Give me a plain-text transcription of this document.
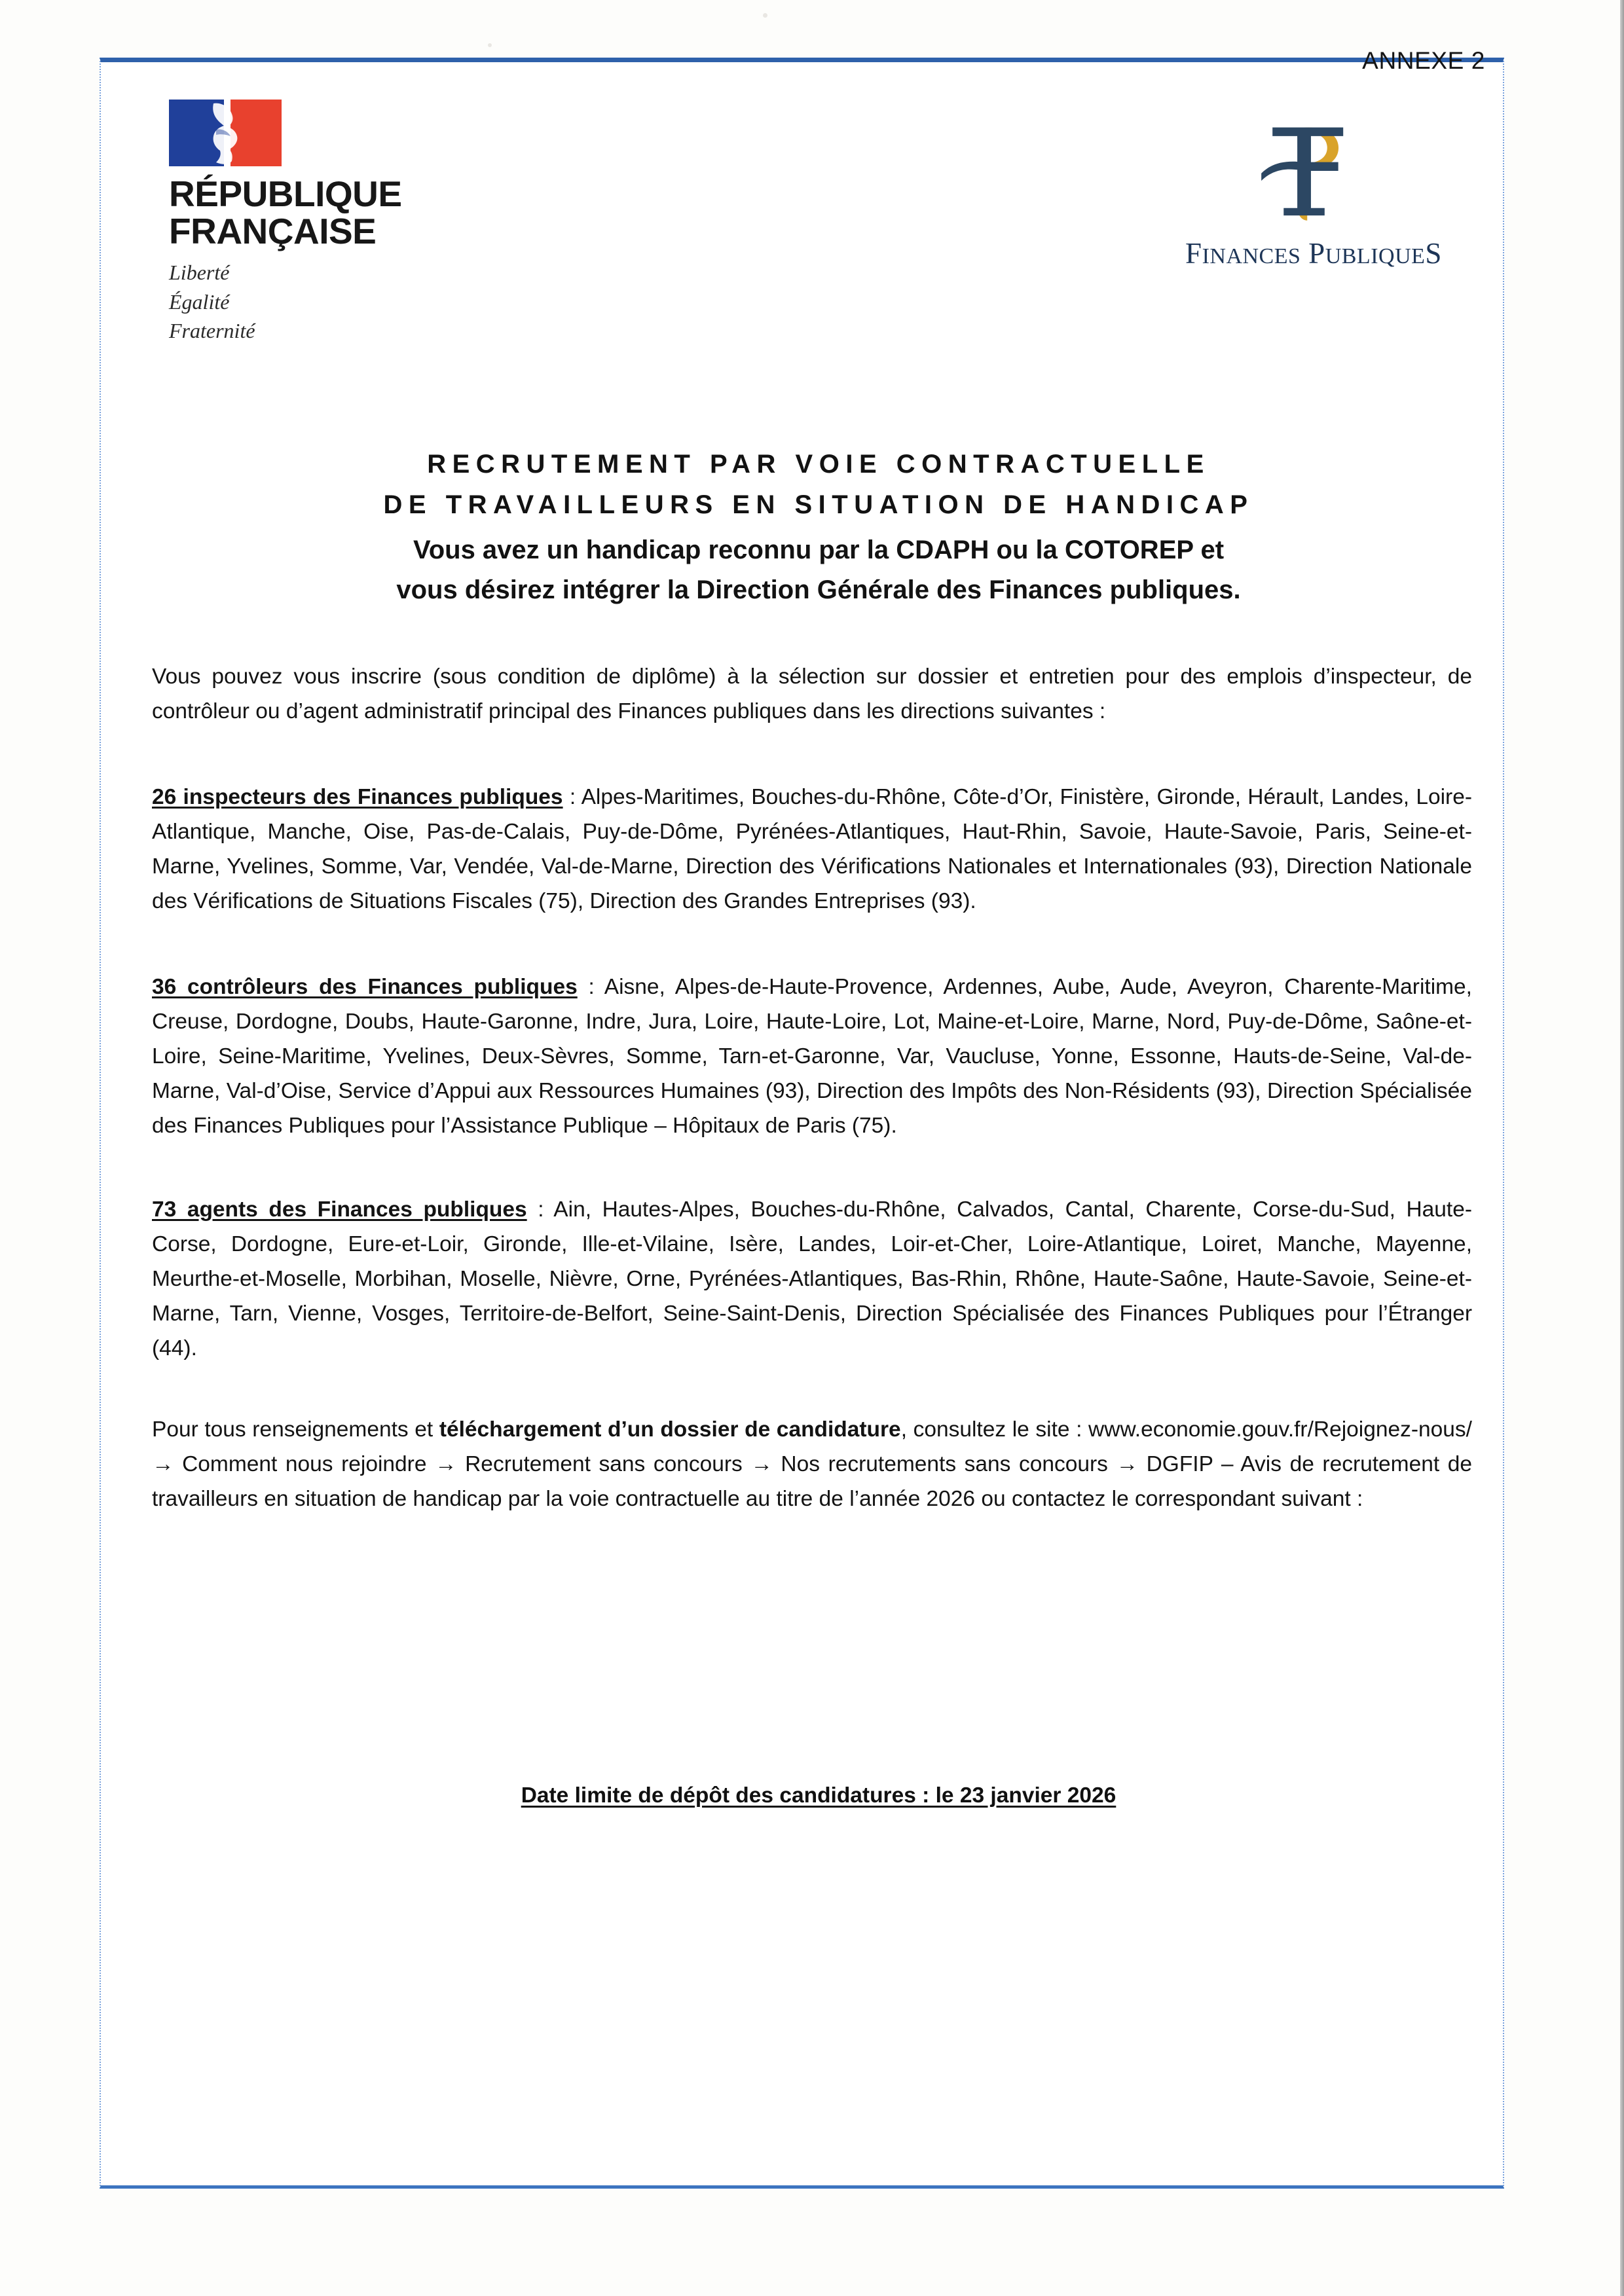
ANNEXE 2
RÉPUBLIQUE
FRANÇAISE
Liberté
Égalité
Fraternité
FINANCES PUBLIQUES
RECRUTEMENT PAR VOIE CONTRACTUELLE
DE TRAVAILLEURS EN SITUATION DE HANDICAP
Vous avez un handicap reconnu par la CDAPH ou la COTOREP et
vous désirez intégrer la Direction Générale des Finances publiques.
Vous pouvez vous inscrire (sous condition de diplôme) à la sélection sur dossier et entretien pour des emplois d’inspecteur, de contrôleur ou d’agent administratif principal des Finances publiques dans les directions suivantes :
26 inspecteurs des Finances publiques : Alpes-Maritimes, Bouches-du-Rhône, Côte-d’Or, Finistère, Gironde, Hérault, Landes, Loire-Atlantique, Manche, Oise, Pas-de-Calais, Puy-de-Dôme, Pyrénées-Atlantiques, Haut-Rhin, Savoie, Haute-Savoie, Paris, Seine-et-Marne, Yvelines, Somme, Var, Vendée, Val-de-Marne, Direction des Vérifications Nationales et Internationales (93), Direction Nationale des Vérifications de Situations Fiscales (75), Direction des Grandes Entreprises (93).
36 contrôleurs des Finances publiques : Aisne, Alpes-de-Haute-Provence, Ardennes, Aube, Aude, Aveyron, Charente-Maritime, Creuse, Dordogne, Doubs, Haute-Garonne, Indre, Jura, Loire, Haute-Loire, Lot, Maine-et-Loire, Marne, Nord, Puy-de-Dôme, Saône-et-Loire, Seine-Maritime, Yvelines, Deux-Sèvres, Somme, Tarn-et-Garonne, Var, Vaucluse, Yonne, Essonne, Hauts-de-Seine, Val-de-Marne, Val-d’Oise, Service d’Appui aux Ressources Humaines (93), Direction des Impôts des Non-Résidents (93), Direction Spécialisée des Finances Publiques pour l’Assistance Publique – Hôpitaux de Paris (75).
73 agents des Finances publiques : Ain, Hautes-Alpes, Bouches-du-Rhône, Calvados, Cantal, Charente, Corse-du-Sud, Haute-Corse, Dordogne, Eure-et-Loir, Gironde, Ille-et-Vilaine, Isère, Landes, Loir-et-Cher, Loire-Atlantique, Loiret, Manche, Mayenne, Meurthe-et-Moselle, Morbihan, Moselle, Nièvre, Orne, Pyrénées-Atlantiques, Bas-Rhin, Rhône, Haute-Saône, Haute-Savoie, Seine-et-Marne, Tarn, Vienne, Vosges, Territoire-de-Belfort, Seine-Saint-Denis, Direction Spécialisée des Finances Publiques pour l’Étranger (44).
Pour tous renseignements et téléchargement d’un dossier de candidature, consultez le site : www.economie.gouv.fr/Rejoignez-nous/ → Comment nous rejoindre → Recrutement sans concours → Nos recrutements sans concours → DGFIP – Avis de recrutement de travailleurs en situation de handicap par la voie contractuelle au titre de l’année 2026 ou contactez le correspondant suivant :
Date limite de dépôt des candidatures : le 23 janvier 2026
